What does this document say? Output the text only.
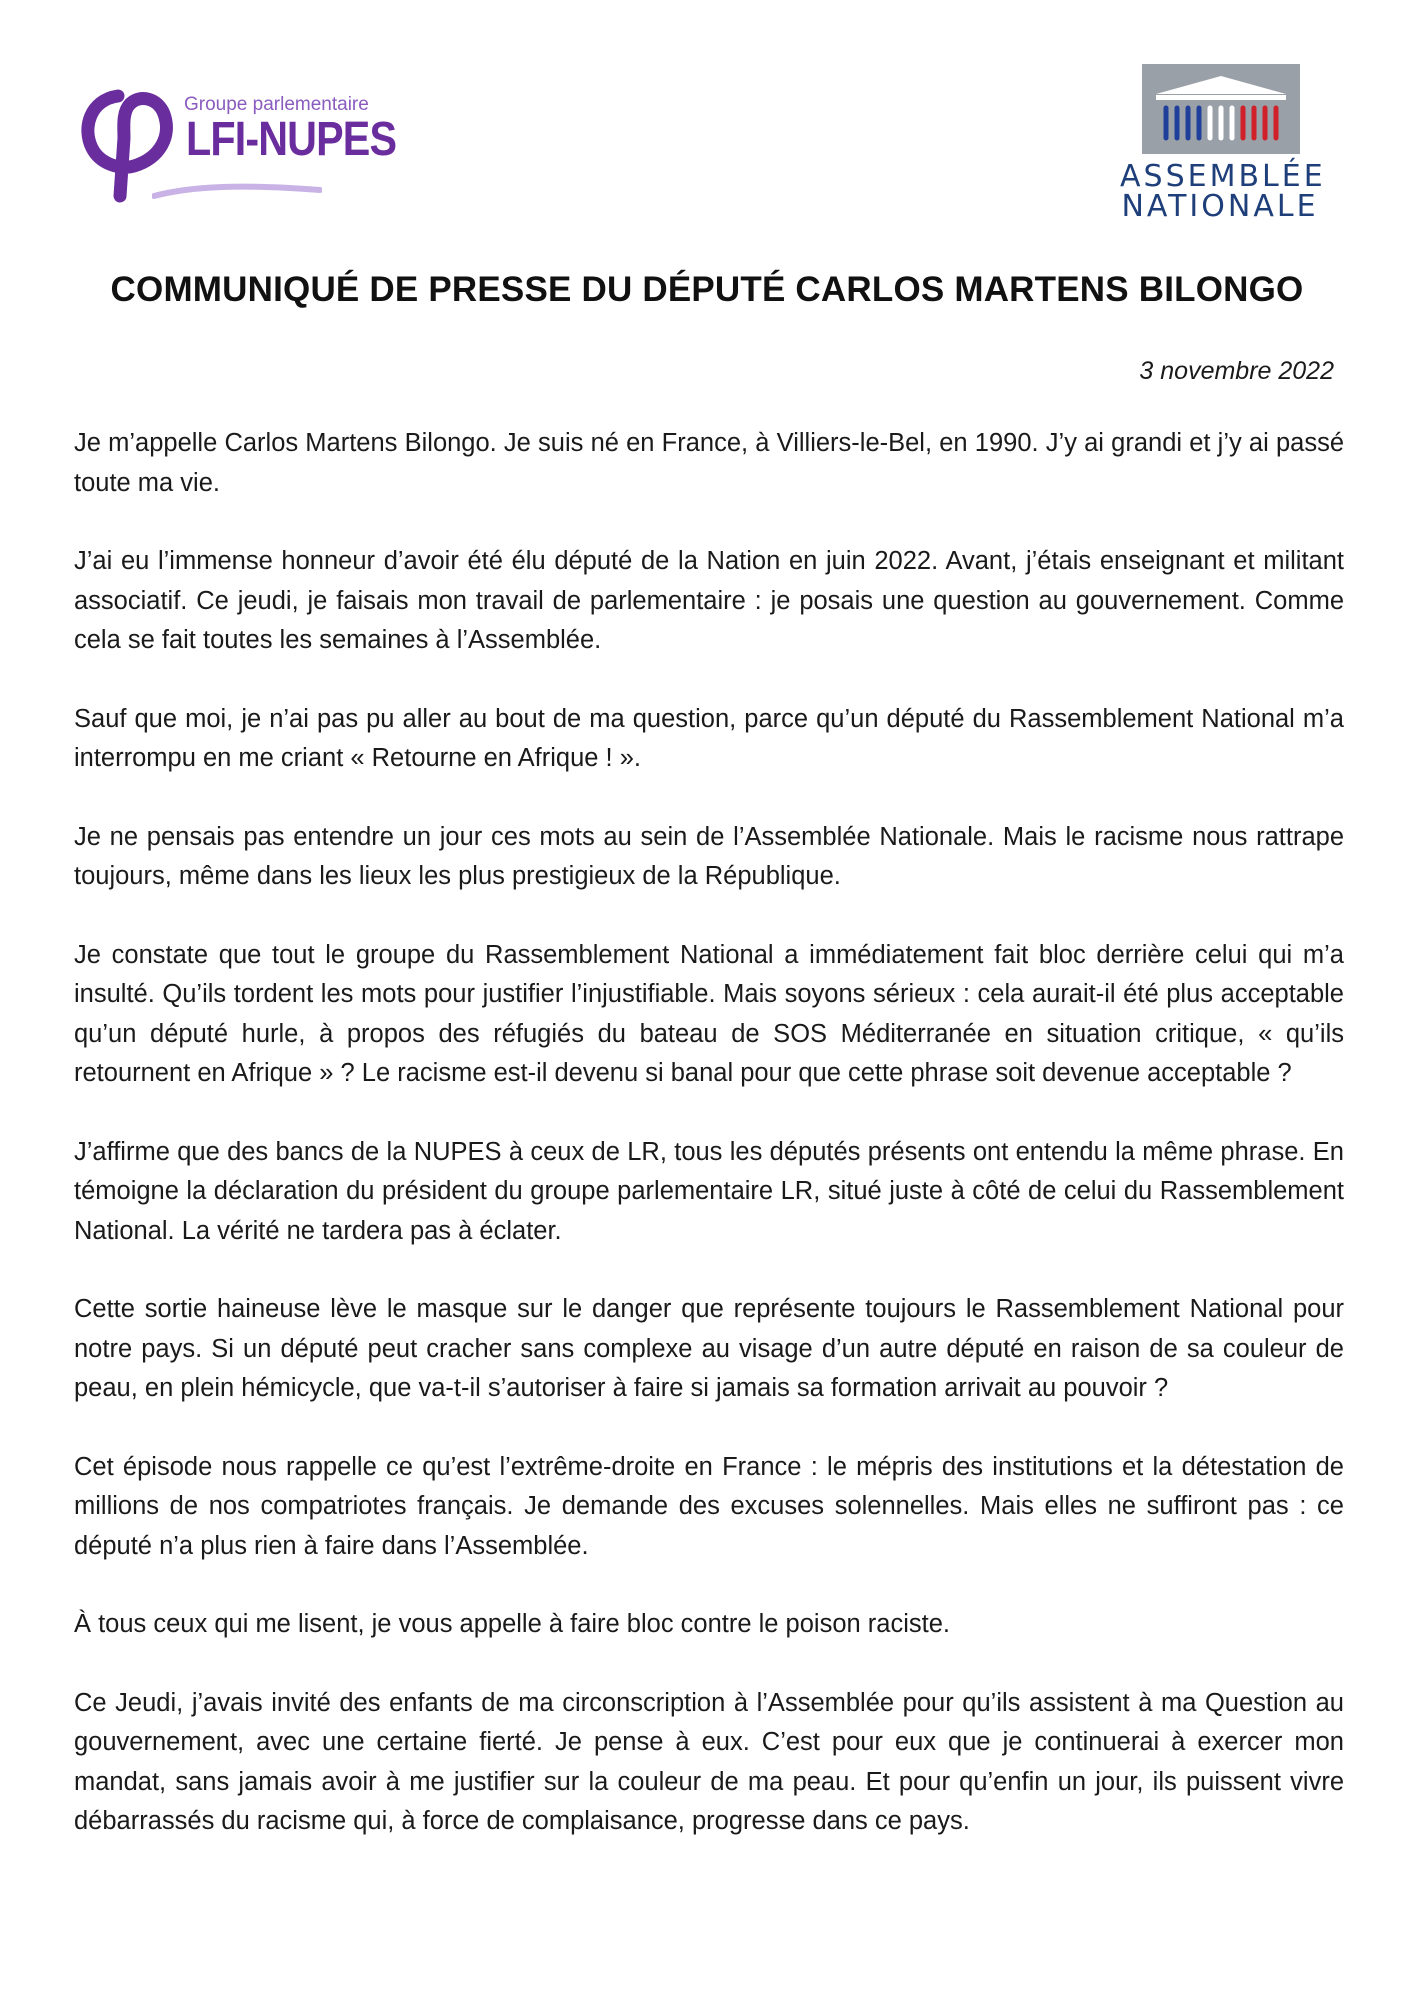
Groupe parlementaire
LFI-NUPES
ASSEMBLÉE
NATIONALE
COMMUNIQUÉ DE PRESSE DU DÉPUTÉ CARLOS MARTENS BILONGO
3 novembre 2022

Je m’appelle Carlos Martens Bilongo. Je suis né en France, à Villiers-le-Bel, en 1990. J’y ai grandi et j’y ai passé toute ma vie.

J’ai eu l’immense honneur d’avoir été élu député de la Nation en juin 2022. Avant, j’étais enseignant et militant associatif. Ce jeudi, je faisais mon travail de parlementaire : je posais une question au gouvernement. Comme cela se fait toutes les semaines à l’Assemblée.

Sauf que moi, je n’ai pas pu aller au bout de ma question, parce qu’un député du Rassemblement National m’a interrompu en me criant « Retourne en Afrique ! ».

Je ne pensais pas entendre un jour ces mots au sein de l’Assemblée Nationale. Mais le racisme nous rattrape toujours, même dans les lieux les plus prestigieux de la République.

Je constate que tout le groupe du Rassemblement National a immédiatement fait bloc derrière celui qui m’a insulté. Qu’ils tordent les mots pour justifier l’injustifiable. Mais soyons sérieux : cela aurait-il été plus acceptable qu’un député hurle, à propos des réfugiés du bateau de SOS Méditerranée en situation critique, « qu’ils retournent en Afrique » ? Le racisme est-il devenu si banal pour que cette phrase soit devenue acceptable ?

J’affirme que des bancs de la NUPES à ceux de LR, tous les députés présents ont entendu la même phrase. En témoigne la déclaration du président du groupe parlementaire LR, situé juste à côté de celui du Rassemblement National. La vérité ne tardera pas à éclater.

Cette sortie haineuse lève le masque sur le danger que représente toujours le Rassemblement National pour notre pays. Si un député peut cracher sans complexe au visage d’un autre député en raison de sa couleur de peau, en plein hémicycle, que va-t-il s’autoriser à faire si jamais sa formation arrivait au pouvoir ?

Cet épisode nous rappelle ce qu’est l’extrême-droite en France : le mépris des institutions et la détestation de millions de nos compatriotes français. Je demande des excuses solennelles. Mais elles ne suffiront pas : ce député n’a plus rien à faire dans l’Assemblée.

À tous ceux qui me lisent, je vous appelle à faire bloc contre le poison raciste.

Ce Jeudi, j’avais invité des enfants de ma circonscription à l’Assemblée pour qu’ils assistent à ma Question au gouvernement, avec une certaine fierté. Je pense à eux. C’est pour eux que je continuerai à exercer mon mandat, sans jamais avoir à me justifier sur la couleur de ma peau. Et pour qu’enfin un jour, ils puissent vivre débarrassés du racisme qui, à force de complaisance, progresse dans ce pays.
